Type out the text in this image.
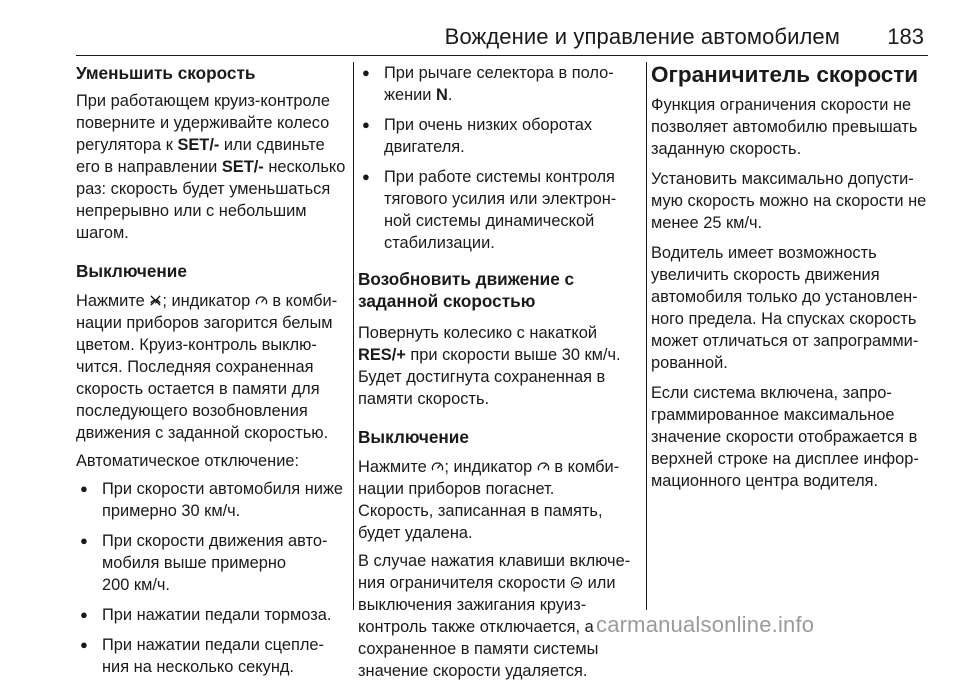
Вождение и управление автомобилем 183
Уменьшить скорость

При работающем круиз-контроле
поверните и удерживайте колесо
регулятора к SET/- или сдвиньте
его в направлении SET/- несколько
раз: скорость будет уменьшаться
непрерывно или с небольшим
шагом.

Выключение

Нажмите
; индикатор
в комби-
нации приборов загорится белым
цветом. Круиз-контроль выклю-
чится. Последняя сохраненная
скорость остается в памяти для
последующего возобновления
движения с заданной скоростью.

Автоматическое отключение:

● При скорости автомобиля ниже
примерно 30 км/ч.
● При скорости движения авто-
мобиля выше примерно
200 км/ч.
● При нажатии педали тормоза.
● При нажатии педали сцепле-
ния на несколько секунд.
● При рычаге селектора в поло-
жении N.
● При очень низких оборотах
двигателя.
● При работе системы контроля
тягового усилия или электрон-
ной системы динамической
стабилизации.
Возобновить движение с
заданной скоростью

Повернуть колесико с накаткой
RES/+ при скорости выше 30 км/ч.
Будет достигнута сохраненная в
памяти скорость.

Выключение

Нажмите
; индикатор
в комби-
нации приборов погаснет.
Скорость, записанная в память,
будет удалена.

В случае нажатия клавиши включе-
ния ограничителя скорости
или
выключения зажигания круиз-
контроль также отключается, а
сохраненное в памяти системы
значение скорости удаляется.

Ограничитель скорости

Функция ограничения скорости не
позволяет автомобилю превышать
заданную скорость.

Установить максимально допусти-
мую скорость можно на скорости не
менее 25 км/ч.

Водитель имеет возможность
увеличить скорость движения
автомобиля только до установлен-
ного предела. На спусках скорость
может отличаться от запрограмми-
рованной.

Если система включена, запро-
граммированное максимальное
значение скорости отображается в
верхней строке на дисплее инфор-
мационного центра водителя.

carmanualsonline.info
